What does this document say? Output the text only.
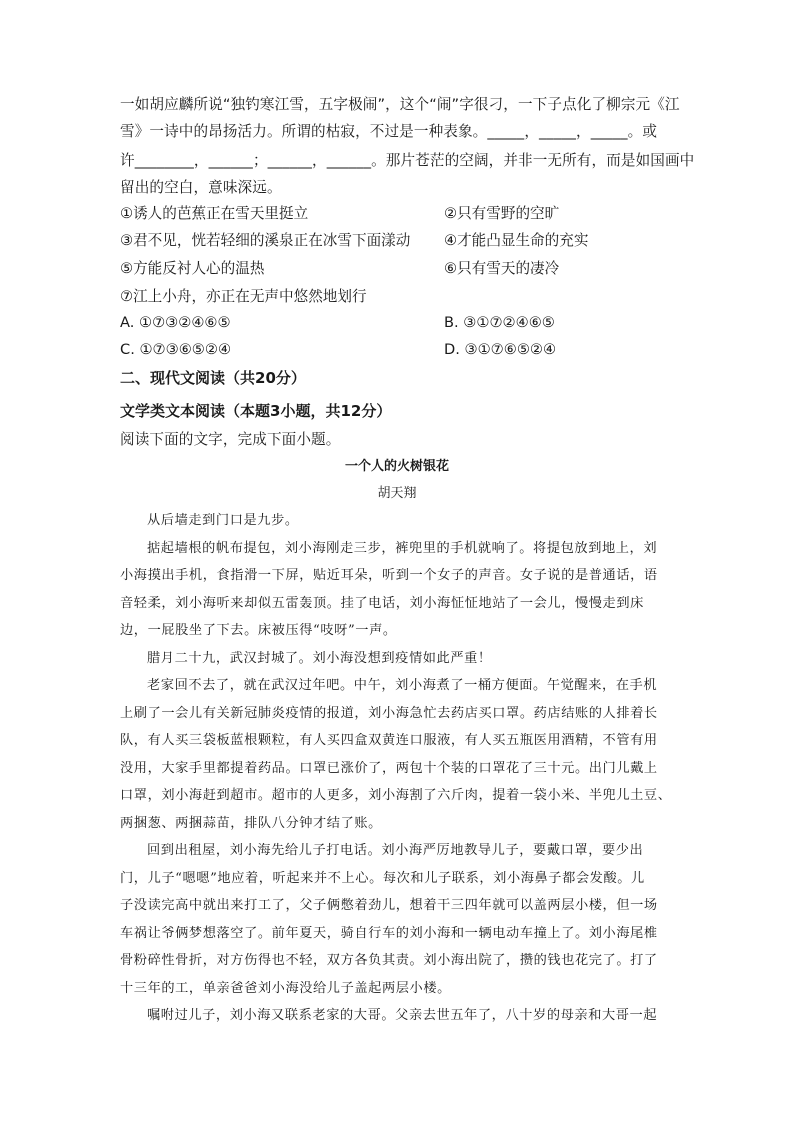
一如胡应麟所说“独钓寒江雪，五字极闹”，这个“闹”字很刁，一下子点化了柳宗元《江
雪》一诗中的昂扬活力。所谓的枯寂，不过是一种表象。_____，_____，_____。或
许________，______；______，______。那片苍茫的空阔，并非一无所有，而是如国画中
留出的空白，意味深远。
①诱人的芭蕉正在雪天里挺立	②只有雪野的空旷
③君不见，恍若轻细的溪泉正在冰雪下面漾动 ④才能凸显生命的充实
⑤方能反衬人心的温热	⑥只有雪天的凄冷
⑦江上小舟，亦正在无声中悠然地划行
A. ①⑦③②④⑥⑤	B. ③①⑦②④⑥⑤
C. ①⑦③⑥⑤②④	D. ③①⑦⑥⑤②④
二、现代文阅读（共20分）
文学类文本阅读（本题3小题，共12分）
阅读下面的文字，完成下面小题。
一个人的火树银花
胡天翔
从后墙走到门口是九步。
掂起墙根的帆布提包，刘小海刚走三步，裤兜里的手机就响了。将提包放到地上，刘
小海摸出手机，食指滑一下屏，贴近耳朵，听到一个女子的声音。女子说的是普通话，语
音轻柔，刘小海听来却似五雷轰顶。挂了电话，刘小海怔怔地站了一会儿，慢慢走到床
边，一屁股坐了下去。床被压得“吱呀”一声。
腊月二十九，武汉封城了。刘小海没想到疫情如此严重！
老家回不去了，就在武汉过年吧。中午，刘小海煮了一桶方便面。午觉醒来，在手机
上刷了一会儿有关新冠肺炎疫情的报道，刘小海急忙去药店买口罩。药店结账的人排着长
队，有人买三袋板蓝根颗粒，有人买四盒双黄连口服液，有人买五瓶医用酒精，不管有用
没用，大家手里都提着药品。口罩已涨价了，两包十个装的口罩花了三十元。出门儿戴上
口罩，刘小海赶到超市。超市的人更多，刘小海割了六斤肉，提着一袋小米、半兜儿土豆、
两捆葱、两捆蒜苗，排队八分钟才结了账。
回到出租屋，刘小海先给儿子打电话。刘小海严厉地教导儿子，要戴口罩，要少出
门，儿子“嗯嗯”地应着，听起来并不上心。每次和儿子联系，刘小海鼻子都会发酸。儿
子没读完高中就出来打工了，父子俩憋着劲儿，想着干三四年就可以盖两层小楼，但一场
车祸让爷俩梦想落空了。前年夏天，骑自行车的刘小海和一辆电动车撞上了。刘小海尾椎
骨粉碎性骨折，对方伤得也不轻，双方各负其责。刘小海出院了，攒的钱也花完了。打了
十三年的工，单亲爸爸刘小海没给儿子盖起两层小楼。
嘱咐过儿子，刘小海又联系老家的大哥。父亲去世五年了，八十岁的母亲和大哥一起
